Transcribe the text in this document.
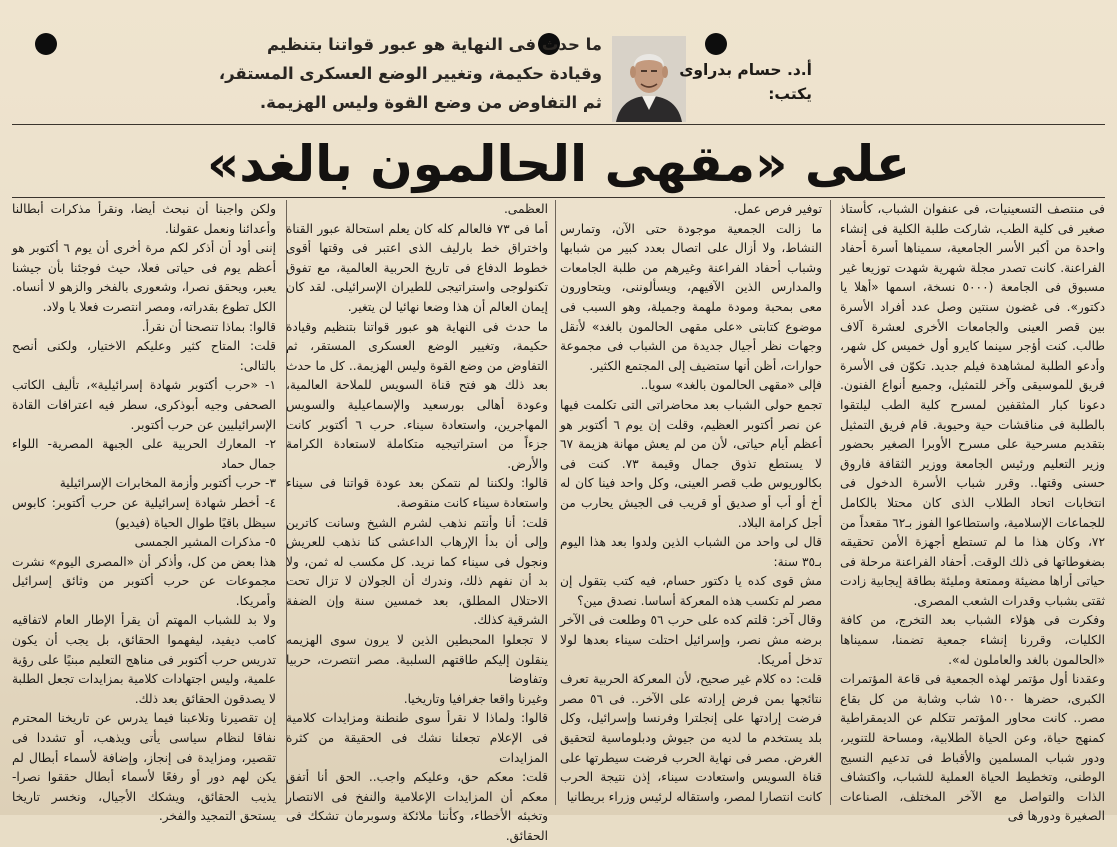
ما حدث فى النهاية هو عبور قواتنا بتنظيم

وقيادة حكيمة، وتغيير الوضع العسكرى المستقر،

ثم التفاوض من وضع القوة وليس الهزيمة.

أ.د. حسام بدراوى
يكتب:
على «مقهى الحالمون بالغد»

فى منتصف التسعينيات، فى عنفوان الشباب، كأستاذ صغير فى كلية الطب، شاركت طلبة الكلية فى إنشاء واحدة من أكبر الأسر الجامعية، سميناها أسرة أحفاد الفراعنة. كانت تصدر مجلة شهرية شهدت توزيعا غير مسبوق فى الجامعة (٥٠٠٠ نسخة، اسمها «أهلا يا دكتور». فى غضون سنتين وصل عدد أفراد الأسرة بين قصر العينى والجامعات الأخرى لعشرة آلاف طالب. كنت أؤجر سينما كايرو أول خميس كل شهر، وأدعو الطلبة لمشاهدة فيلم جديد. تكوّن فى الأسرة فريق للموسيقى وآخر للتمثيل، وجميع أنواع الفنون. دعونا كبار المثقفين لمسرح كلية الطب ليلتقوا بالطلبة فى مناقشات حية وحيوية. قام فريق التمثيل بتقديم مسرحية على مسرح الأوبرا الصغير بحضور وزير التعليم ورئيس الجامعة ووزير الثقافة فاروق حسنى وقتها.. وقرر شباب الأسرة الدخول فى انتخابات اتحاد الطلاب الذى كان محتلا بالكامل للجماعات الإسلامية، واستطاعوا الفوز بـ٦٢ مقعداً من ٧٢، وكان هذا ما لم تستطع أجهزة الأمن تحقيقه بضغوطاتها فى ذلك الوقت. أحفاد الفراعنة مرحلة فى حياتى أراها مضيئة وممتعة ومليئة بطاقة إيجابية زادت ثقتى بشباب وقدرات الشعب المصرى.

وفكرت فى هؤلاء الشباب بعد التخرج، من كافة الكليات، وقررنا إنشاء جمعية تضمنا، سميناها «الحالمون بالغد والعاملون له».

وعقدنا أول مؤتمر لهذه الجمعية فى قاعة المؤتمرات الكبرى، حضرها ١٥٠٠ شاب وشابة من كل بقاع مصر.. كانت محاور المؤتمر تتكلم عن الديمقراطية كمنهج حياة، وعن الحياة الطلابية، ومساحة للتنوير، ودور شباب المسلمين والأقباط فى تدعيم النسيج الوطنى، وتخطيط الحياة العملية للشباب، واكتشاف الذات والتواصل مع الآخر المختلف، الصناعات الصغيرة ودورها فى

توفير فرص عمل.

ما زالت الجمعية موجودة حتى الآن، وتمارس النشاط، ولا أزال على اتصال بعدد كبير من شبابها وشباب أحفاد الفراعنة وغيرهم من طلبة الجامعات والمدارس الذين الآفيهم، ويسألوننى، ويتحاورون معى بمحبة ومودة ملهمة وجميلة، وهو السبب فى موضوع كتابتى «على مقهى الحالمون بالغد» لأنقل وجهات نظر أجيال جديدة من الشباب فى مجموعة حوارات، أظن أنها ستضيف إلى المجتمع الكثير.

فإلى «مقهى الحالمون بالغد» سويا..

تجمع حولى الشباب بعد محاضراتى التى تكلمت فيها عن نصر أكتوبر العظيم، وقلت إن يوم ٦ أكتوبر هو أعظم أيام حياتى، لأن من لم يعش مهانة هزيمة ٦٧ لا يستطع تذوق جمال وقيمة ٧٣. كنت فى بكالوريوس طب قصر العينى، وكل واحد فينا كان له أخ أو أب أو صديق أو قريب فى الجيش يحارب من أجل كرامة البلاد.

قال لى واحد من الشباب الذين ولدوا بعد هذا اليوم بـ٣٥ سنة:

مش قوى كده يا دكتور حسام، فيه كتب بتقول إن مصر لم تكسب هذه المعركة أساسا. نصدق مين؟

وقال آخر: قلتم كده على حرب ٥٦ وطلعت فى الآخر برضه مش نصر، وإسرائيل احتلت سيناء بعدها لولا تدخل أمريكا.

قلت: ده كلام غير صحيح، لأن المعركة الحربية تعرف نتائجها بمن فرض إرادته على الآخر.. فى ٥٦ مصر فرضت إرادتها على إنجلترا وفرنسا وإسرائيل، وكل بلد يستخدم ما لديه من جيوش ودبلوماسية لتحقيق الغرض. مصر فى نهاية الحرب فرضت سيطرتها على قناة السويس واستعادت سيناء، إذن نتيجة الحرب كانت انتصارا لمصر، واستقاله لرئيس وزراء بريطانيا

العظمى.

أما فى ٧٣ فالعالم كله كان يعلم استحالة عبور القناة واختراق خط بارليف الذى اعتبر فى وقتها أقوى خطوط الدفاع فى تاريخ الحربية العالمية، مع تفوق تكنولوجى واستراتيجى للطيران الإسرائيلى. لقد كان إيمان العالم أن هذا وضعا نهائيا لن يتغير.

ما حدث فى النهاية هو عبور قواتنا بتنظيم وقيادة حكيمة، وتغيير الوضع العسكرى المستقر، ثم التفاوض من وضع القوة وليس الهزيمة.. كل ما حدث بعد ذلك هو فتح قناة السويس للملاحة العالمية، وعودة أهالى بورسعيد والإسماعيلية والسويس المهاجرين، واستعادة سيناء. حرب ٦ أكتوبر كانت جزءاً من استراتيجيه متكاملة لاستعادة الكرامة والأرض.

قالوا: ولكننا لم نتمكن بعد عودة قواتنا فى سيناء واستعادة سيناء كانت منقوصة.

قلت: أنا وأنتم نذهب لشرم الشيخ وسانت كاترين وإلى أن بدأ الإرهاب الداعشى كنا نذهب للعريش ونجول فى سيناء كما نريد. كل مكسب له ثمن، ولا بد أن نفهم ذلك، وندرك أن الجولان لا تزال تحت الاحتلال المطلق، بعد خمسين سنة وإن الضفة الشرقية كذلك.

لا تجعلوا المحبطين الذين لا يرون سوى الهزيمه ينقلون إليكم طاقتهم السلبية. مصر انتصرت، حربيا وتفاوضا

وغيرنا واقعا جغرافيا وتاريخيا.

قالوا: ولماذا لا نقرأ سوى طنطنة ومزايدات كلامية فى الإعلام تجعلنا نشك فى الحقيقة من كثرة المزايدات

قلت: معكم حق، وعليكم واجب.. الحق أنا أتفق معكم أن المزايدات الإعلامية والنفخ فى الانتصار وتخبئه الأخطاء، وكأننا ملائكة وسوبرمان تشكك فى الحقائق.

ولكن واجبنا أن نبحث أيضا، ونقرأ مذكرات أبطالنا وأعدائنا ونعمل عقولنا.

إننى أود أن أذكر لكم مرة أخرى أن يوم ٦ أكتوبر هو أعظم يوم فى حياتى فعلا، حيث فوجئنا بأن جيشنا يعبر، ويحقق نصرا، وشعورى بالفخر والزهو لا أنساه. الكل تطوع بقدراته، ومصر انتصرت فعلا يا ولاد.

قالوا: بماذا تنصحنا أن نقرأ.

قلت: المتاح كثير وعليكم الاختيار، ولكنى أنصح بالتالى:

١- «حرب أكتوبر شهادة إسرائيلية»، تأليف الكاتب الصحفى وجيه أبوذكرى، سطر فيه اعترافات القادة الإسرائيليين عن حرب أكتوبر.

٢- المعارك الحربية على الجبهة المصرية- اللواء جمال حماد

٣- حرب أكتوبر وأزمة المخابرات الإسرائيلية

٤- أخطر شهادة إسرائيلية عن حرب أكتوبر: كابوس سيظل باقيًا طوال الحياة (فيديو)

٥- مذكرات المشير الجمسى

هذا بعض من كل، وأذكر أن «المصرى اليوم» نشرت مجموعات عن حرب أكتوبر من وثائق إسرائيل وأمريكا.

ولا بد للشباب المهتم أن يقرأ الإطار العام لاتفاقيه كامب ديفيد، ليفهموا الحقائق، بل يجب أن يكون تدريس حرب أكتوبر فى مناهج التعليم مبنيًا على رؤية علمية، وليس اجتهادات كلامية بمزايدات تجعل الطلبة لا يصدقون الحقائق بعد ذلك.

إن تقصيرنا وتلاعبنا فيما يدرس عن تاريخنا المحترم نفاقا لنظام سياسى يأتى ويذهب، أو تشددا فى تقصير، ومزايدة فى إنجاز، وإضافة لأسماء أبطال لم يكن لهم دور أو رفعًا لأسماء أبطال حققوا نصرا- يذيب الحقائق، ويشكك الأجيال، ونخسر تاريخا يستحق التمجيد والفخر.
